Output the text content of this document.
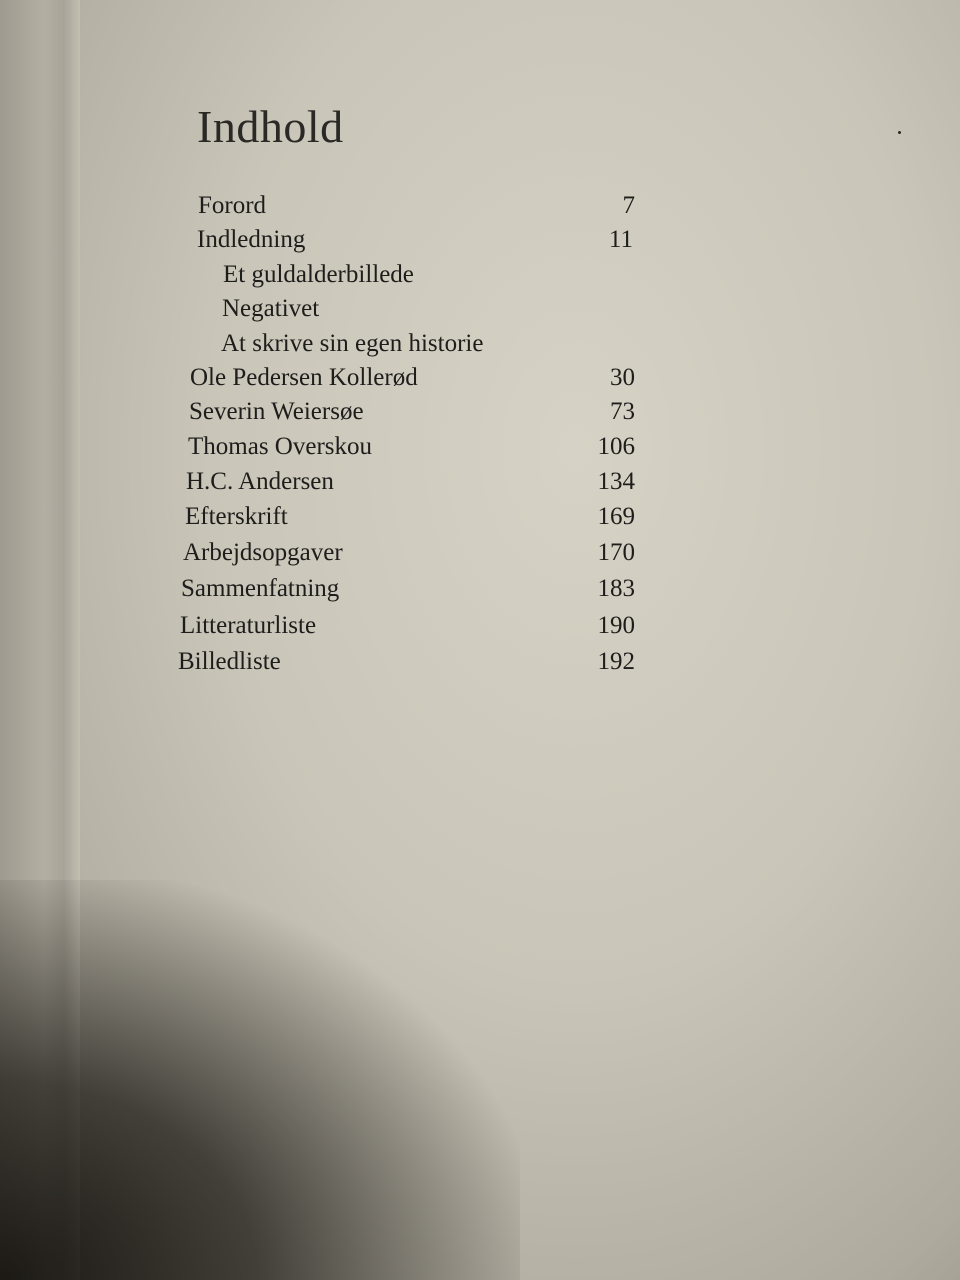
Indhold
Forord	7
Indledning	11
Et guldalderbillede
Negativet
At skrive sin egen historie
Ole Pedersen Kollerød	30
Severin Weiersøe	73
Thomas Overskou	106
H.C. Andersen	134
Efterskrift	169
Arbejdsopgaver	170
Sammenfatning	183
Litteraturliste	190
Billedliste	192
